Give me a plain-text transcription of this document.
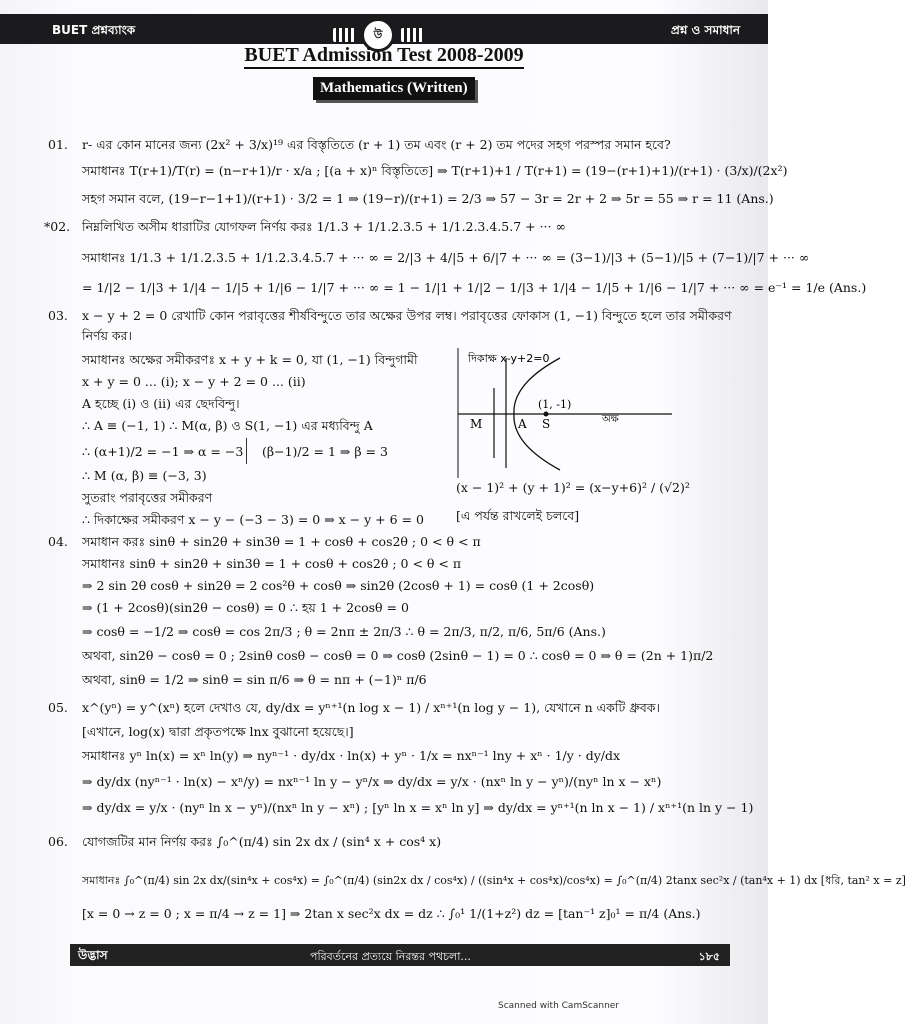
BUET প্রশ্নব্যাংক	উ	প্রশ্ন ও সমাধান
BUET Admission Test 2008-2009
Mathematics (Written)
01. r- এর কোন মানের জন্য (2x² + 3/x)¹⁹ এর বিস্তৃতিতে (r + 1) তম এবং (r + 2) তম পদের সহগ পরস্পর সমান হবে?
সমাধানঃ T(r+1)/T(r) = (n−r+1)/r · x/a ; [(a + x)ⁿ বিস্তৃতিতে] ⇒ T(r+1)+1 / T(r+1) = (19−(r+1)+1)/(r+1) · (3/x)/(2x²)
সহগ সমান বলে, (19−r−1+1)/(r+1) · 3/2 = 1 ⇒ (19−r)/(r+1) = 2/3 ⇒ 57 − 3r = 2r + 2 ⇒ 5r = 55 ⇒ r = 11 (Ans.)
*02. নিম্নলিখিত অসীম ধারাটির যোগফল নির্ণয় করঃ 1/1.3 + 1/1.2.3.5 + 1/1.2.3.4.5.7 + ··· ∞
সমাধানঃ 1/1.3 + 1/1.2.3.5 + 1/1.2.3.4.5.7 + ··· ∞ = 2/|3 + 4/|5 + 6/|7 + ··· ∞ = (3−1)/|3 + (5−1)/|5 + (7−1)/|7 + ··· ∞
= 1/|2 − 1/|3 + 1/|4 − 1/|5 + 1/|6 − 1/|7 + ··· ∞ = 1 − 1/|1 + 1/|2 − 1/|3 + 1/|4 − 1/|5 + 1/|6 − 1/|7 + ··· ∞ = e⁻¹ = 1/e (Ans.)
03. x − y + 2 = 0 রেখাটি কোন পরাবৃত্তের শীর্ষবিন্দুতে তার অক্ষের উপর লম্ব। পরাবৃত্তের ফোকাস (1, −1) বিন্দুতে হলে তার সমীকরণ
নির্ণয় কর।
সমাধানঃ অক্ষের সমীকরণঃ x + y + k = 0, যা (1, −1) বিন্দুগামী
x + y = 0 ... (i); x − y + 2 = 0 ... (ii)
A হচ্ছে (i) ও (ii) এর ছেদবিন্দু।
∴ A ≡ (−1, 1) ∴ M(α, β) ও S(1, −1) এর মধ্যবিন্দু A
∴ (α+1)/2 = −1 ⇒ α = −3 (β−1)/2 = 1 ⇒ β = 3
∴ M (α, β) ≡ (−3, 3)
সুতরাং পরাবৃত্তের সমীকরণ
∴ দিকাক্ষের সমীকরণ x − y − (−3 − 3) = 0 ⇒ x − y + 6 = 0
(x − 1)² + (y + 1)² = (x−y+6)² / (√2)²
[এ পর্যন্ত রাখলেই চলবে]
দিকাক্ষ x-y+2=0
M	A S
(1, -1)
অক্ষ
04. সমাধান করঃ sinθ + sin2θ + sin3θ = 1 + cosθ + cos2θ ; 0 < θ < π
সমাধানঃ sinθ + sin2θ + sin3θ = 1 + cosθ + cos2θ ; 0 < θ < π
⇒ 2 sin 2θ cosθ + sin2θ = 2 cos²θ + cosθ ⇒ sin2θ (2cosθ + 1) = cosθ (1 + 2cosθ)
⇒ (1 + 2cosθ)(sin2θ − cosθ) = 0 ∴ হয় 1 + 2cosθ = 0
⇒ cosθ = −1/2 ⇒ cosθ = cos 2π/3 ; θ = 2nπ ± 2π/3 ∴ θ = 2π/3, π/2, π/6, 5π/6 (Ans.)
অথবা, sin2θ − cosθ = 0 ; 2sinθ cosθ − cosθ = 0 ⇒ cosθ (2sinθ − 1) = 0 ∴ cosθ = 0 ⇒ θ = (2n + 1)π/2
অথবা, sinθ = 1/2 ⇒ sinθ = sin π/6 ⇒ θ = nπ + (−1)ⁿ π/6
05. x^(yⁿ) = y^(xⁿ) হলে দেখাও যে, dy/dx = yⁿ⁺¹(n log x − 1) / xⁿ⁺¹(n log y − 1), যেখানে n একটি ধ্রুবক।
[এখানে, log(x) দ্বারা প্রকৃতপক্ষে lnx বুঝানো হয়েছে।]
সমাধানঃ yⁿ ln(x) = xⁿ ln(y) ⇒ nyⁿ⁻¹ · dy/dx · ln(x) + yⁿ · 1/x = nxⁿ⁻¹ lny + xⁿ · 1/y · dy/dx
⇒ dy/dx (nyⁿ⁻¹ · ln(x) − xⁿ/y) = nxⁿ⁻¹ ln y − yⁿ/x ⇒ dy/dx = y/x · (nxⁿ ln y − yⁿ)/(nyⁿ ln x − xⁿ)
⇒ dy/dx = y/x · (nyⁿ ln x − yⁿ)/(nxⁿ ln y − xⁿ) ; [yⁿ ln x = xⁿ ln y] ⇒ dy/dx = yⁿ⁺¹(n ln x − 1) / xⁿ⁺¹(n ln y − 1)
06. যোগজটির মান নির্ণয় করঃ ∫₀^(π/4) sin 2x dx / (sin⁴ x + cos⁴ x)
সমাধানঃ ∫₀^(π/4) sin 2x dx/(sin⁴x + cos⁴x) = ∫₀^(π/4) (sin2x dx / cos⁴x) / ((sin⁴x + cos⁴x)/cos⁴x) = ∫₀^(π/4) 2tanx sec²x / (tan⁴x + 1) dx [ধরি, tan² x = z]
[x = 0 → z = 0 ; x = π/4 → z = 1] ⇒ 2tan x sec²x dx = dz ∴ ∫₀¹ 1/(1+z²) dz = [tan⁻¹ z]₀¹ = π/4 (Ans.)
উদ্ভাস	পরিবর্তনের প্রত্যয়ে নিরন্তর পথচলা...	১৮৫
Scanned with CamScanner
